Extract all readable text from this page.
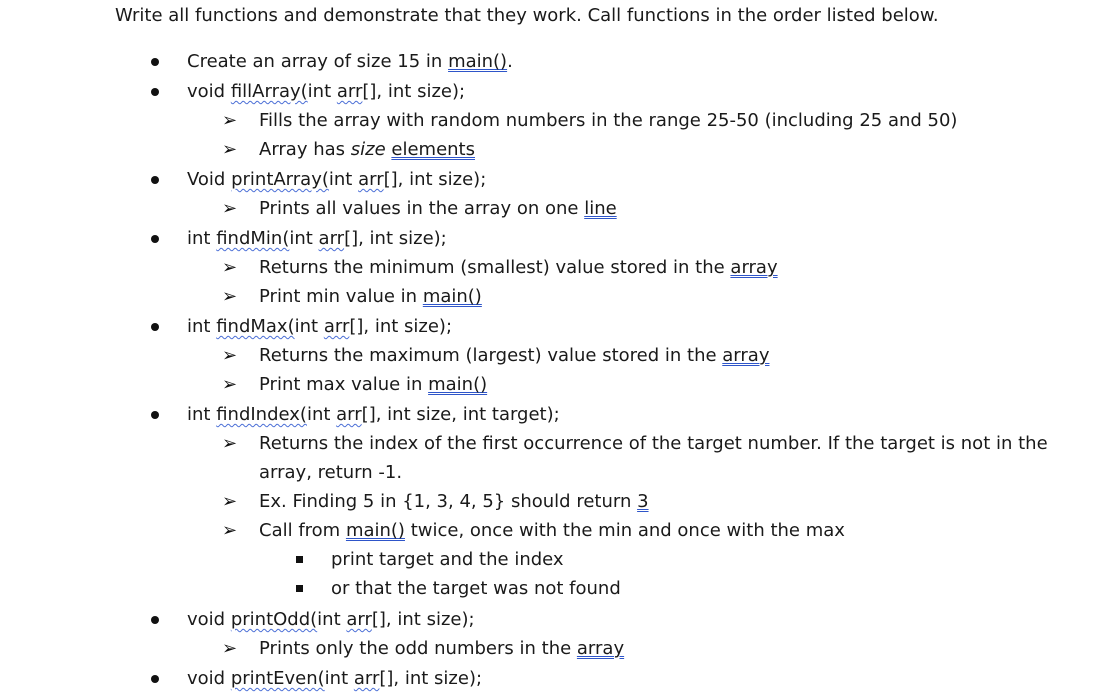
Write all functions and demonstrate that they work. Call functions in the order listed below.
Create an array of size 15 in main().
void fillArray(int arr[], int size);
➢ Fills the array with random numbers in the range 25-50 (including 25 and 50)
➢ Array has size elements
Void printArray(int arr[], int size);
➢ Prints all values in the array on one line
int findMin(int arr[], int size);
➢ Returns the minimum (smallest) value stored in the array
➢ Print min value in main()
int findMax(int arr[], int size);
➢ Returns the maximum (largest) value stored in the array
➢ Print max value in main()
int findIndex(int arr[], int size, int target);
➢ Returns the index of the first occurrence of the target number. If the target is not in the
array, return -1.
➢ Ex. Finding 5 in {1, 3, 4, 5} should return 3
➢ Call from main() twice, once with the min and once with the max
print target and the index
or that the target was not found
void printOdd(int arr[], int size);
➢ Prints only the odd numbers in the array
void printEven(int arr[], int size);
